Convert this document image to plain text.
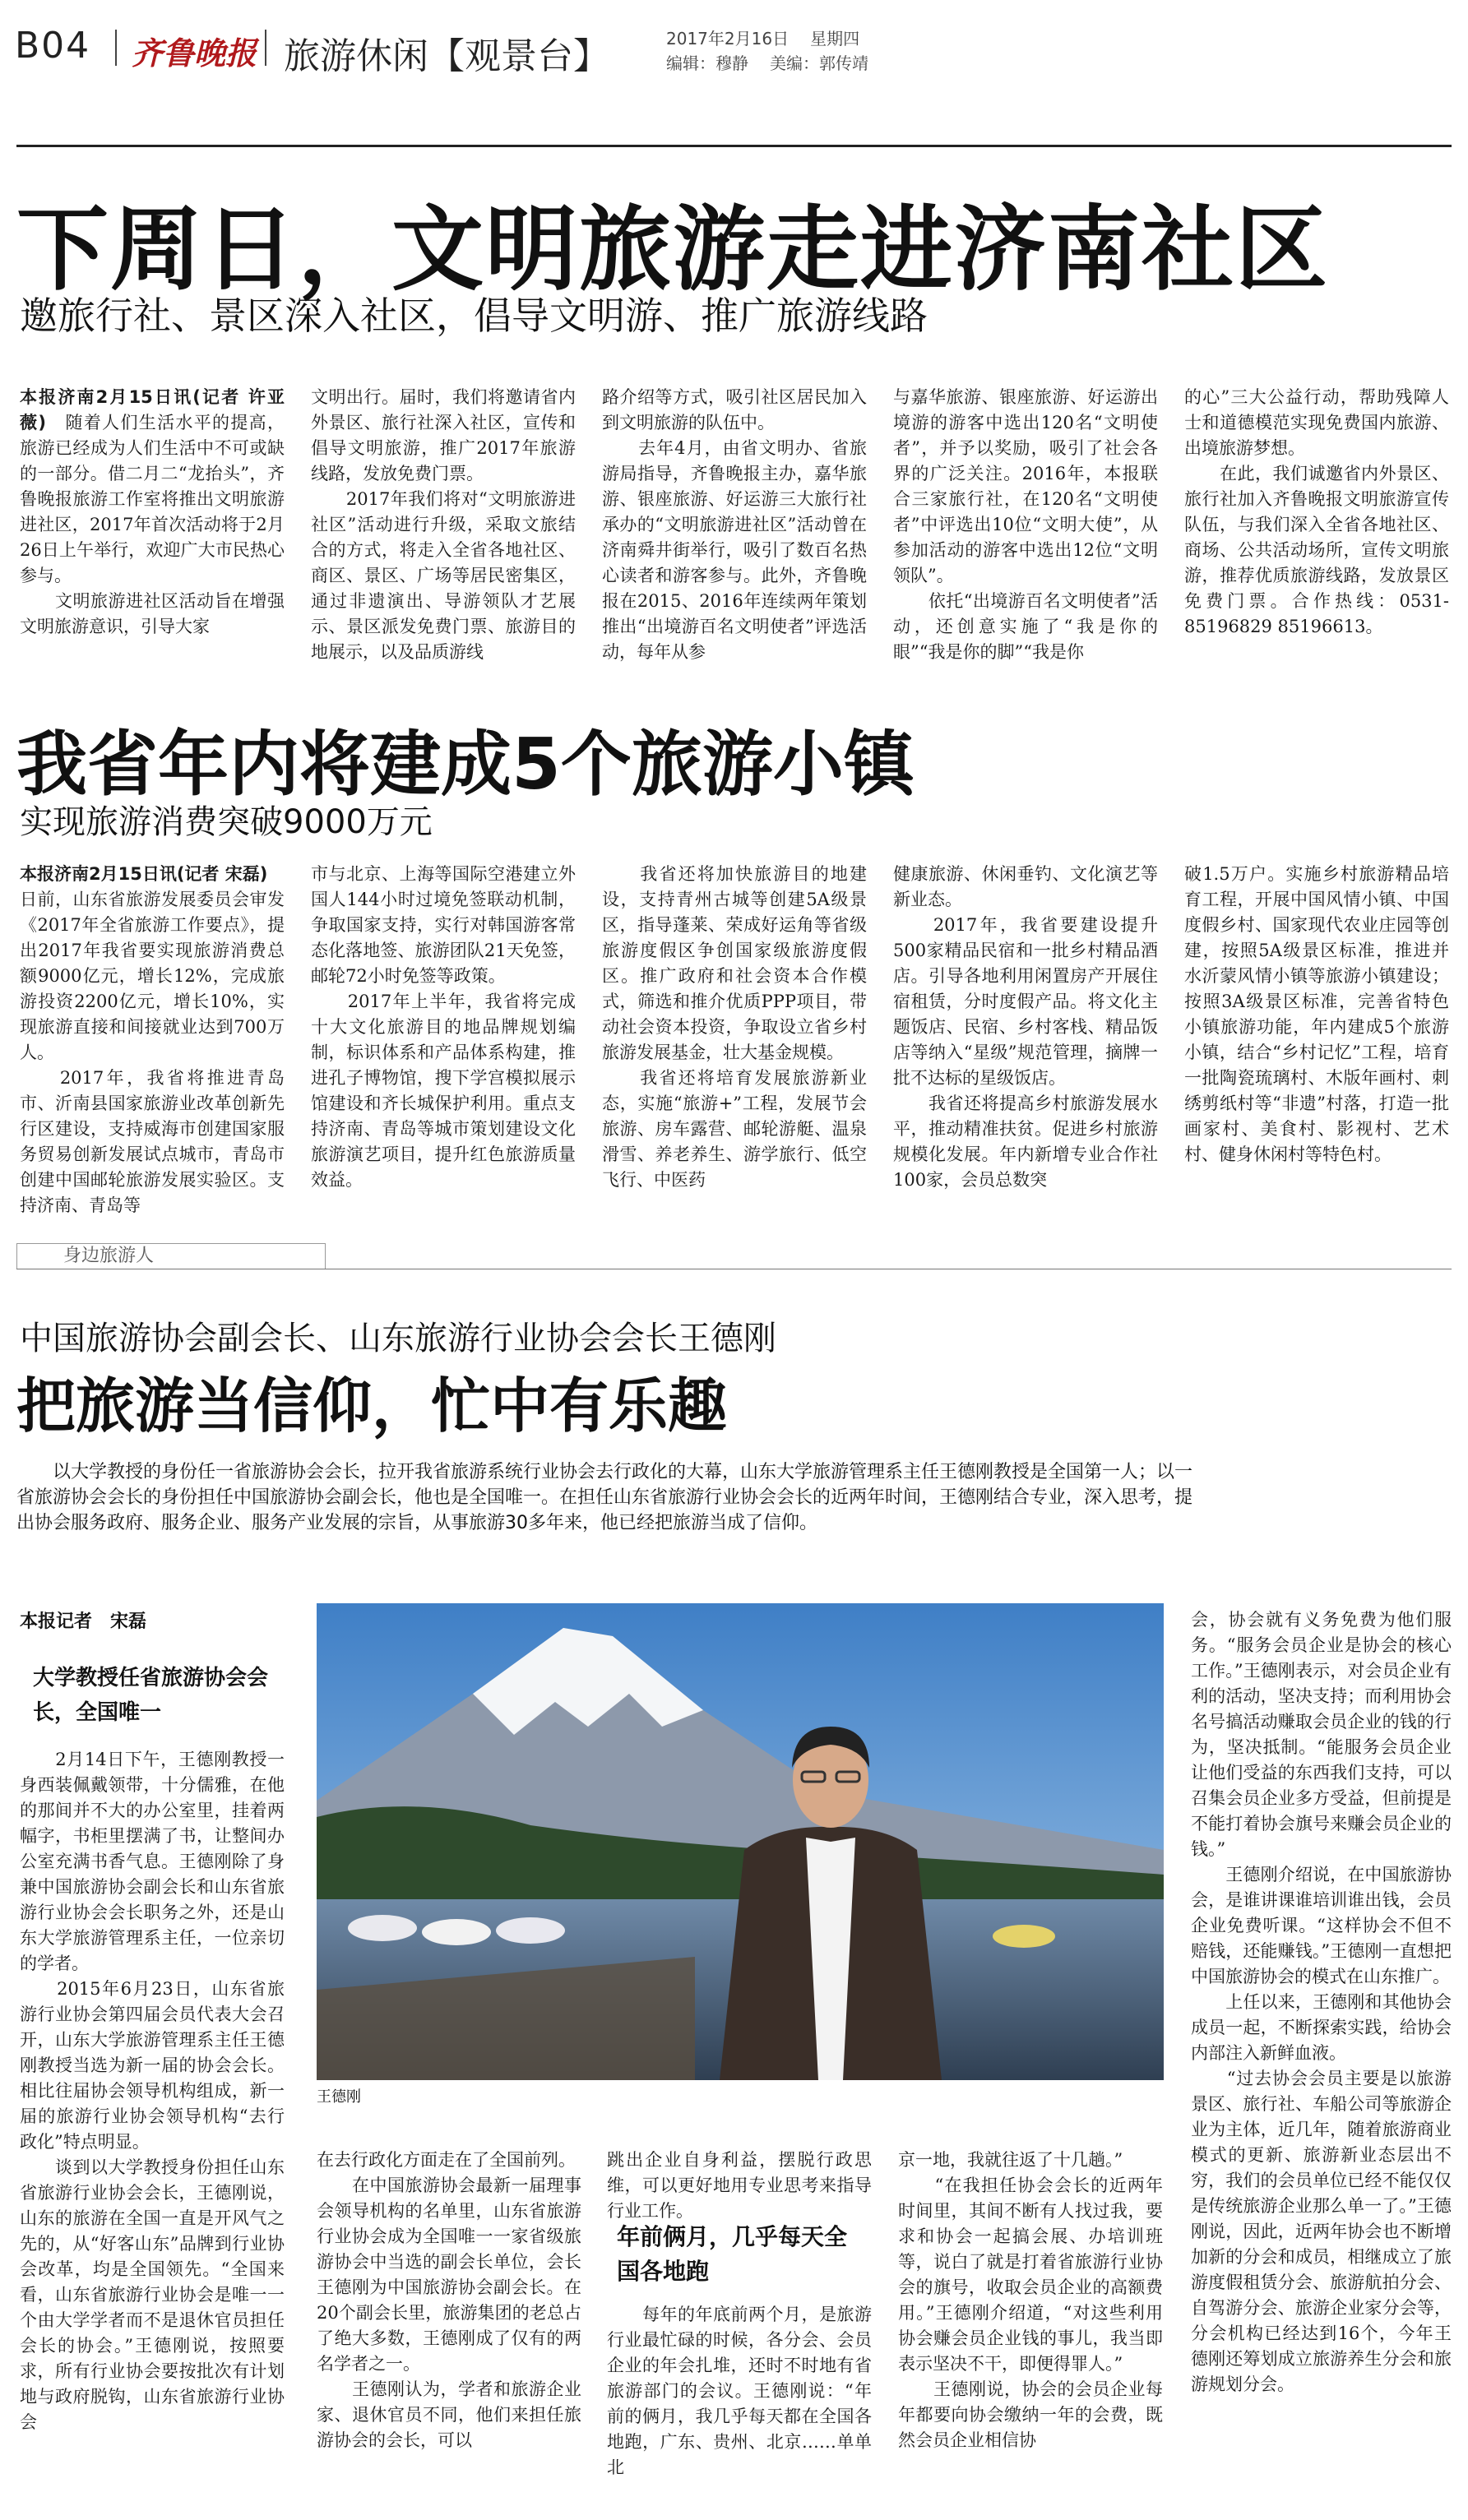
B04 齐鲁晚报 旅游休闲【观景台】	2017年2月16日 星期四
编辑：穆静 美编：郭传靖
下周日，文明旅游走进济南社区
邀旅行社、景区深入社区，倡导文明游、推广旅游线路
本报济南2月15日讯(记者 许亚薇)　随着人们生活水平的提高，旅游已经成为人们生活中不可或缺的一部分。借二月二“龙抬头”，齐鲁晚报旅游工作室将推出文明旅游进社区，2017年首次活动将于2月26日上午举行，欢迎广大市民热心参与。
　　文明旅游进社区活动旨在增强文明旅游意识，引导大家
文明出行。届时，我们将邀请省内外景区、旅行社深入社区，宣传和倡导文明旅游，推广2017年旅游线路，发放免费门票。
　　2017年我们将对“文明旅游进社区”活动进行升级，采取文旅结合的方式，将走入全省各地社区、商区、景区、广场等居民密集区，通过非遗演出、导游领队才艺展示、景区派发免费门票、旅游目的地展示，以及品质游线
路介绍等方式，吸引社区居民加入到文明旅游的队伍中。
　　去年4月，由省文明办、省旅游局指导，齐鲁晚报主办，嘉华旅游、银座旅游、好运游三大旅行社承办的“文明旅游进社区”活动曾在济南舜井街举行，吸引了数百名热心读者和游客参与。此外，齐鲁晚报在2015、2016年连续两年策划推出“出境游百名文明使者”评选活动，每年从参
与嘉华旅游、银座旅游、好运游出境游的游客中选出120名“文明使者”，并予以奖励，吸引了社会各界的广泛关注。2016年，本报联合三家旅行社，在120名“文明使者”中评选出10位“文明大使”，从参加活动的游客中选出12位“文明领队”。
　　依托“出境游百名文明使者”活动，还创意实施了“我是你的眼”“我是你的脚”“我是你
的心”三大公益行动，帮助残障人士和道德模范实现免费国内旅游、出境旅游梦想。
　　在此，我们诚邀省内外景区、旅行社加入齐鲁晚报文明旅游宣传队伍，与我们深入全省各地社区、商场、公共活动场所，宣传文明旅游，推荐优质旅游线路，发放景区免费门票。合作热线：0531-85196829 85196613。
我省年内将建成5个旅游小镇
实现旅游消费突破9000万元
本报济南2月15日讯(记者 宋磊)　日前，山东省旅游发展委员会审发《2017年全省旅游工作要点》，提出2017年我省要实现旅游消费总额9000亿元，增长12%，完成旅游投资2200亿元，增长10%，实现旅游直接和间接就业达到700万人。
　　2017年，我省将推进青岛市、沂南县国家旅游业改革创新先行区建设，支持威海市创建国家服务贸易创新发展试点城市，青岛市创建中国邮轮旅游发展实验区。支持济南、青岛等
市与北京、上海等国际空港建立外国人144小时过境免签联动机制，争取国家支持，实行对韩国游客常态化落地签、旅游团队21天免签，邮轮72小时免签等政策。
　　2017年上半年，我省将完成十大文化旅游目的地品牌规划编制，标识体系和产品体系构建，推进孔子博物馆，搜下学宫模拟展示馆建设和齐长城保护利用。重点支持济南、青岛等城市策划建设文化旅游演艺项目，提升红色旅游质量效益。
　　我省还将加快旅游目的地建设，支持青州古城等创建5A级景区，指导蓬莱、荣成好运角等省级旅游度假区争创国家级旅游度假区。推广政府和社会资本合作模式，筛选和推介优质PPP项目，带动社会资本投资，争取设立省乡村旅游发展基金，壮大基金规模。
　　我省还将培育发展旅游新业态，实施“旅游+”工程，发展节会旅游、房车露营、邮轮游艇、温泉滑雪、养老养生、游学旅行、低空飞行、中医药
健康旅游、休闲垂钓、文化演艺等新业态。
　　2017年，我省要建设提升500家精品民宿和一批乡村精品酒店。引导各地利用闲置房产开展住宿租赁，分时度假产品。将文化主题饭店、民宿、乡村客栈、精品饭店等纳入“星级”规范管理，摘牌一批不达标的星级饭店。
　　我省还将提高乡村旅游发展水平，推动精准扶贫。促进乡村旅游规模化发展。年内新增专业合作社100家，会员总数突
破1.5万户。实施乡村旅游精品培育工程，开展中国风情小镇、中国度假乡村、国家现代农业庄园等创建，按照5A级景区标准，推进并水沂蒙风情小镇等旅游小镇建设；按照3A级景区标准，完善省特色小镇旅游功能，年内建成5个旅游小镇，结合“乡村记忆”工程，培育一批陶瓷琉璃村、木版年画村、刺绣剪纸村等“非遗”村落，打造一批画家村、美食村、影视村、艺术村、健身休闲村等特色村。
身边旅游人
中国旅游协会副会长、山东旅游行业协会会长王德刚
把旅游当信仰，忙中有乐趣
以大学教授的身份任一省旅游协会会长，拉开我省旅游系统行业协会去行政化的大幕，山东大学旅游管理系主任王德刚教授是全国第一人；以一省旅游协会会长的身份担任中国旅游协会副会长，他也是全国唯一。在担任山东省旅游行业协会会长的近两年时间，王德刚结合专业，深入思考，提出协会服务政府、服务企业、服务产业发展的宗旨，从事旅游30多年来，他已经把旅游当成了信仰。
本报记者　宋磊
大学教授任省旅游协会会长，全国唯一
　　2月14日下午，王德刚教授一身西装佩戴领带，十分儒雅，在他的那间并不大的办公室里，挂着两幅字，书柜里摆满了书，让整间办公室充满书香气息。王德刚除了身兼中国旅游协会副会长和山东省旅游行业协会会长职务之外，还是山东大学旅游管理系主任，一位亲切的学者。
　　2015年6月23日，山东省旅游行业协会第四届会员代表大会召开，山东大学旅游管理系主任王德刚教授当选为新一届的协会会长。相比往届协会领导机构组成，新一届的旅游行业协会领导机构“去行政化”特点明显。
　　谈到以大学教授身份担任山东省旅游行业协会会长，王德刚说，山东的旅游在全国一直是开风气之先的，从“好客山东”品牌到行业协会改革，均是全国领先。“全国来看，山东省旅游行业协会是唯一一个由大学学者而不是退休官员担任会长的协会。”王德刚说，按照要求，所有行业协会要按批次有计划地与政府脱钩，山东省旅游行业协会
王德刚
在去行政化方面走在了全国前列。
　　在中国旅游协会最新一届理事会领导机构的名单里，山东省旅游行业协会成为全国唯一一家省级旅游协会中当选的副会长单位，会长王德刚为中国旅游协会副会长。在20个副会长里，旅游集团的老总占了绝大多数，王德刚成了仅有的两名学者之一。
　　王德刚认为，学者和旅游企业家、退休官员不同，他们来担任旅游协会的会长，可以
跳出企业自身利益，摆脱行政思维，可以更好地用专业思考来指导行业工作。
年前俩月，几乎每天全国各地跑
　　每年的年底前两个月，是旅游行业最忙碌的时候，各分会、会员企业的年会扎堆，还时不时地有省旅游部门的会议。王德刚说：“年前的俩月，我几乎每天都在全国各地跑，广东、贵州、北京……单单北
京一地，我就往返了十几趟。”
　　“在我担任协会会长的近两年时间里，其间不断有人找过我，要求和协会一起搞会展、办培训班等，说白了就是打着省旅游行业协会的旗号，收取会员企业的高额费用。”王德刚介绍道，“对这些利用协会赚会员企业钱的事儿，我当即表示坚决不干，即便得罪人。”
　　王德刚说，协会的会员企业每年都要向协会缴纳一年的会费，既然会员企业相信协
会，协会就有义务免费为他们服务。“服务会员企业是协会的核心工作。”王德刚表示，对会员企业有利的活动，坚决支持；而利用协会名号搞活动赚取会员企业的钱的行为，坚决抵制。“能服务会员企业让他们受益的东西我们支持，可以召集会员企业多方受益，但前提是不能打着协会旗号来赚会员企业的钱。”
　　王德刚介绍说，在中国旅游协会，是谁讲课谁培训谁出钱，会员企业免费听课。“这样协会不但不赔钱，还能赚钱。”王德刚一直想把中国旅游协会的模式在山东推广。
　　上任以来，王德刚和其他协会成员一起，不断探索实践，给协会内部注入新鲜血液。
　　“过去协会会员主要是以旅游景区、旅行社、车船公司等旅游企业为主体，近几年，随着旅游商业模式的更新、旅游新业态层出不穷，我们的会员单位已经不能仅仅是传统旅游企业那么单一了。”王德刚说，因此，近两年协会也不断增加新的分会和成员，相继成立了旅游度假租赁分会、旅游航拍分会、自驾游分会、旅游企业家分会等，分会机构已经达到16个，今年王德刚还筹划成立旅游养生分会和旅游规划分会。
